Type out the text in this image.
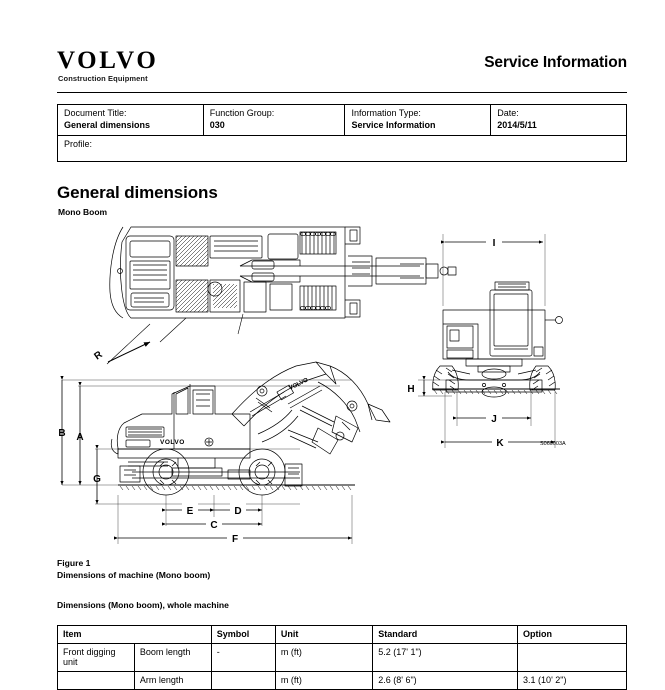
VOLVO
Construction Equipment
Service Information
Document Title:
General dimensions

Function Group:
030

Information Type:
Service Information

Date:
2014/5/11

Profile:
General dimensions
Mono Boom
R
VOLVO
VOLVO
B A
G
E	D
C
F
I
H
J
K	S060003A
Figure 1
Dimensions of machine (Mono boom)
Dimensions (Mono boom), whole machine
Item		Symbol	Unit	Standard	Option
Front digging unit	Boom length	-	m (ft)	5.2 (17' 1")	
	Arm length		m (ft)	2.6 (8' 6")	3.1 (10' 2")
